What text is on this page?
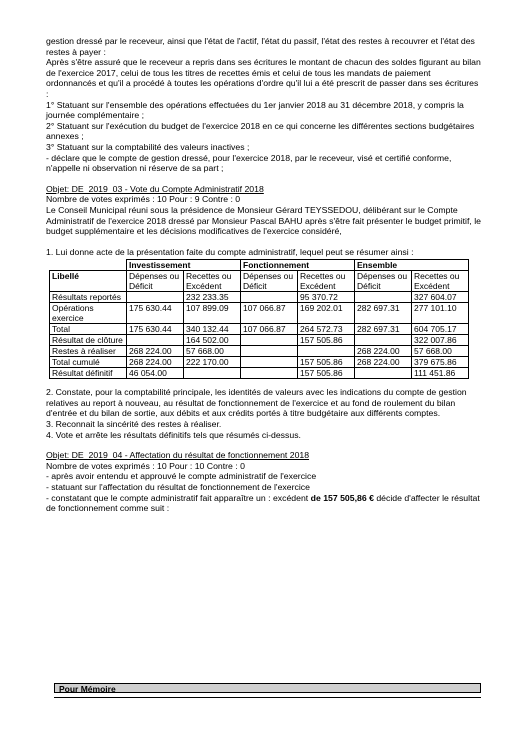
gestion dressé par le receveur, ainsi que l'état de l'actif, l'état du passif, l'état des restes à recouvrer et l'état des restes à payer :

Après s'être assuré que le receveur a repris dans ses écritures le montant de chacun des soldes figurant au bilan de l'exercice 2017, celui de tous les titres de recettes émis et celui de tous les mandats de paiement ordonnancés et qu'il a procédé à toutes les opérations d'ordre qu'il lui a été prescrit de passer dans ses écritures :

1° Statuant sur l'ensemble des opérations effectuées du 1er janvier 2018 au 31 décembre 2018, y compris la journée complémentaire ;

2° Statuant sur l'exécution du budget de l'exercice 2018 en ce qui concerne les différentes sections budgétaires annexes ;

3° Statuant sur la comptabilité des valeurs inactives ;

- déclare que le compte de gestion dressé, pour l'exercice 2018, par le receveur, visé et certifié conforme, n'appelle ni observation ni réserve de sa part ;

Objet: DE_2019_03 - Vote du Compte Administratif 2018

Nombre de votes exprimés : 10 Pour : 9 Contre : 0

Le Conseil Municipal réuni sous la présidence de Monsieur Gérard TEYSSEDOU, délibérant sur le Compte Administratif de l'exercice 2018 dressé par Monsieur Pascal BAHU après s'être fait présenter le budget primitif, le budget supplémentaire et les décisions modificatives de l'exercice considéré,

1. Lui donne acte de la présentation faite du compte administratif, lequel peut se résumer ainsi :

	Investissement		Fonctionnement		Ensemble	
Libellé	Dépenses ou Déficit	Recettes ou Excédent	Dépenses ou Déficit	Recettes ou Excédent	Dépenses ou Déficit	Recettes ou Excédent
Résultats reportés		232 233.35		95 370.72		327 604.07
Opérations exercice	175 630.44	107 899.09	107 066.87	169 202.01	282 697.31	277 101.10
Total	175 630.44	340 132.44	107 066.87	264 572.73	282 697.31	604 705.17
Résultat de clôture		164 502.00		157 505.86		322 007.86
Restes à réaliser	268 224.00	57 668.00			268 224.00	57 668.00
Total cumulé	268 224.00	222 170.00		157 505.86	268 224.00	379 675.86
Résultat définitif	46 054.00			157 505.86		111 451.86

2. Constate, pour la comptabilité principale, les identités de valeurs avec les indications du compte de gestion relatives au report à nouveau, au résultat de fonctionnement de l'exercice et au fond de roulement du bilan d'entrée et du bilan de sortie, aux débits et aux crédits portés à titre budgétaire aux différents comptes.

3. Reconnait la sincérité des restes à réaliser.

4. Vote et arrête les résultats définitifs tels que résumés ci-dessus.

Objet: DE_2019_04 - Affectation du résultat de fonctionnement 2018

Nombre de votes exprimés : 10 Pour : 10 Contre : 0

- après avoir entendu et approuvé le compte administratif de l'exercice

- statuant sur l'affectation du résultat de fonctionnement de l'exercice

- constatant que le compte administratif fait apparaître un : excédent de 157 505,86 € décide d'affecter le résultat de fonctionnement comme suit :

Pour Mémoire
